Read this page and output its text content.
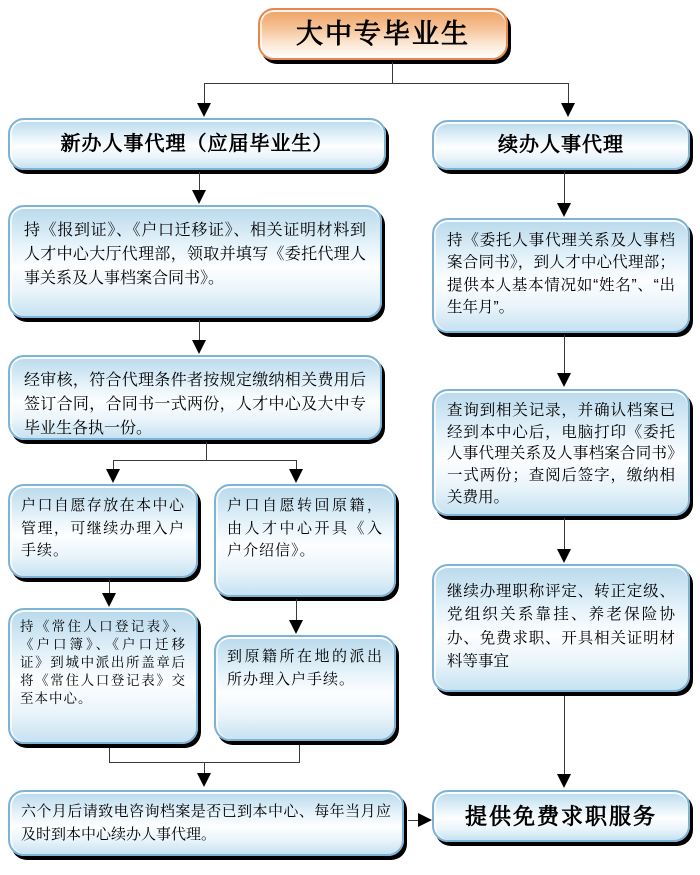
大中专毕业生
新办人事代理（应届毕业生）	续办人事代理
持《报到证》、《户口迁移证》、相关证明材料到人才中心大厅代理部，领取并填写《委托代理人事关系及人事档案合同书》。
经审核，符合代理条件者按规定缴纳相关费用后签订合同，合同书一式两份，人才中心及大中专毕业生各执一份。
户口自愿存放在本中心管理，可继续办理入户手续。
持《常住人口登记表》、《户口簿》、《户口迁移证》到城中派出所盖章后将《常住人口登记表》交至本中心。
户口自愿转回原籍，由人才中心开具《入户介绍信》。
到原籍所在地的派出所办理入户手续。
六个月后请致电咨询档案是否已到本中心、每年当月应及时到本中心续办人事代理。
持《委托人事代理关系及人事档案合同书》，到人才中心代理部；提供本人基本情况如“姓名”、“出生年月”。
查询到相关记录，并确认档案已经到本中心后，电脑打印《委托人事代理关系及人事档案合同书》一式两份；查阅后签字，缴纳相关费用。
继续办理职称评定、转正定级、党组织关系靠挂、养老保险协办、免费求职、开具相关证明材料等事宜
提供免费求职服务
